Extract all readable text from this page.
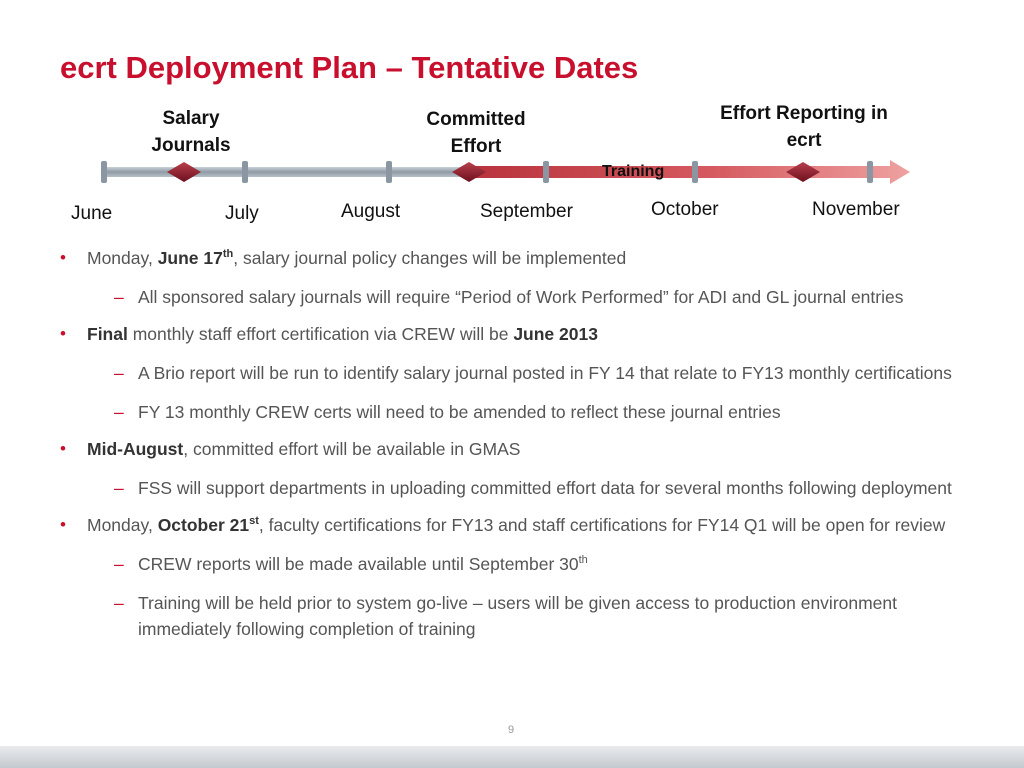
ecrt Deployment Plan – Tentative Dates
Salary
Journals
Committed
Effort
Effort Reporting in
ecrt
Training
June	July	August	September	October	November

• Monday, June 17th, salary journal policy changes will be implemented

– All sponsored salary journals will require “Period of Work Performed” for ADI and GL journal entries

• Final monthly staff effort certification via CREW will be June 2013

– A Brio report will be run to identify salary journal posted in FY 14 that relate to FY13 monthly certifications

– FY 13 monthly CREW certs will need to be amended to reflect these journal entries

• Mid-August, committed effort will be available in GMAS

– FSS will support departments in uploading committed effort data for several months following deployment

• Monday, October 21st, faculty certifications for FY13 and staff certifications for FY14 Q1 will be open for review

– CREW reports will be made available until September 30th

– Training will be held prior to system go-live – users will be given access to production environment immediately following completion of training

9
